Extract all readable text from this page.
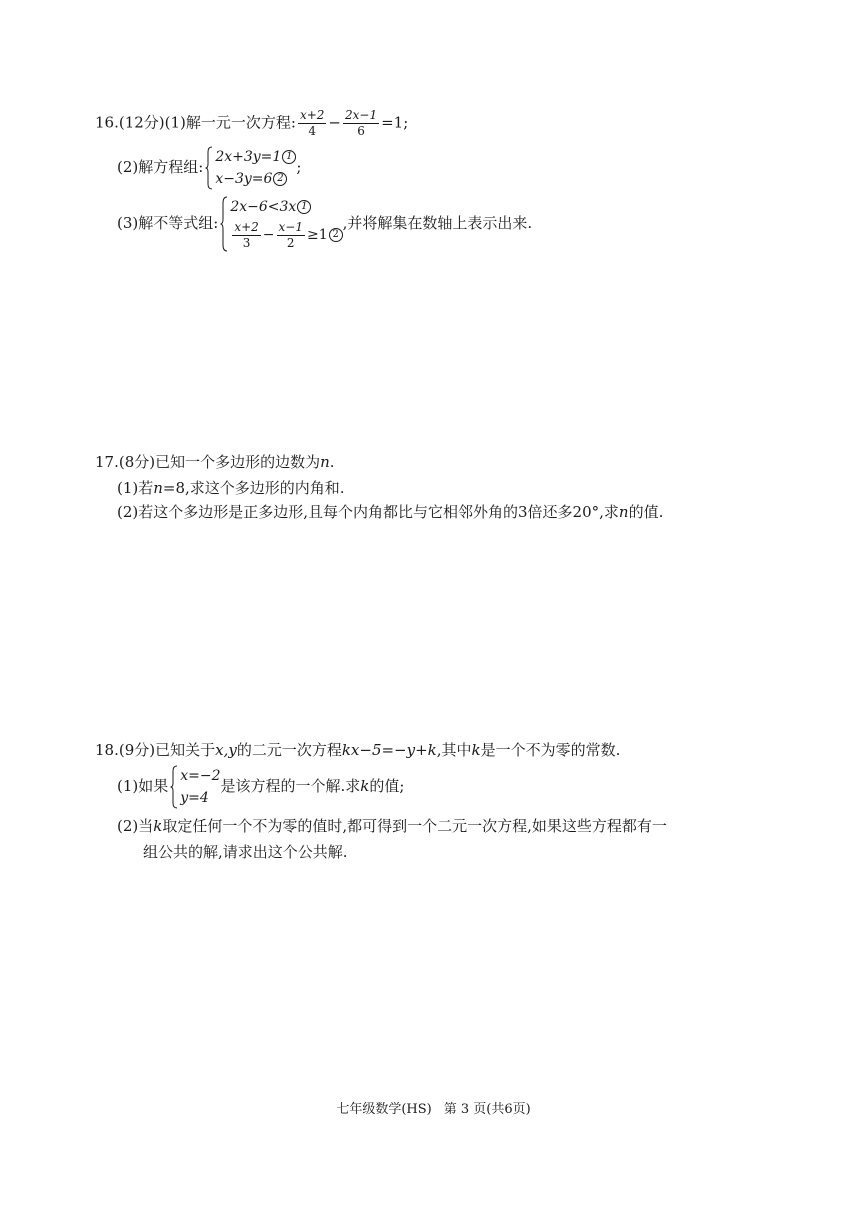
16.(12分)(1)解一元一次方程: $\frac{x+2}{4} - \frac{2x-1}{6} =1$;
(2)解方程组:
2x+3y=1 1
x−3y=6 2
;
(3)解不等式组:
2x−6<3x 1
$\frac{x+2}{3} - \frac{x-1}{2} \ge 1$ 2
,并将解集在数轴上表示出来.
17.(8分)已知一个多边形的边数为n.
(1)若n=8,求这个多边形的内角和.
(2)若这个多边形是正多边形,且每个内角都比与它相邻外角的3倍还多20°,求n的值.
18.(9分)已知关于x,y的二元一次方程kx−5=−y+k,其中k是一个不为零的常数.
(1)如果
x=−2
y=4
是该方程的一个解.求k的值;
(2)当k取定任何一个不为零的值时,都可得到一个二元一次方程,如果这些方程都有一
组公共的解,请求出这个公共解.
七年级数学(HS) 第 3 页(共6页)
